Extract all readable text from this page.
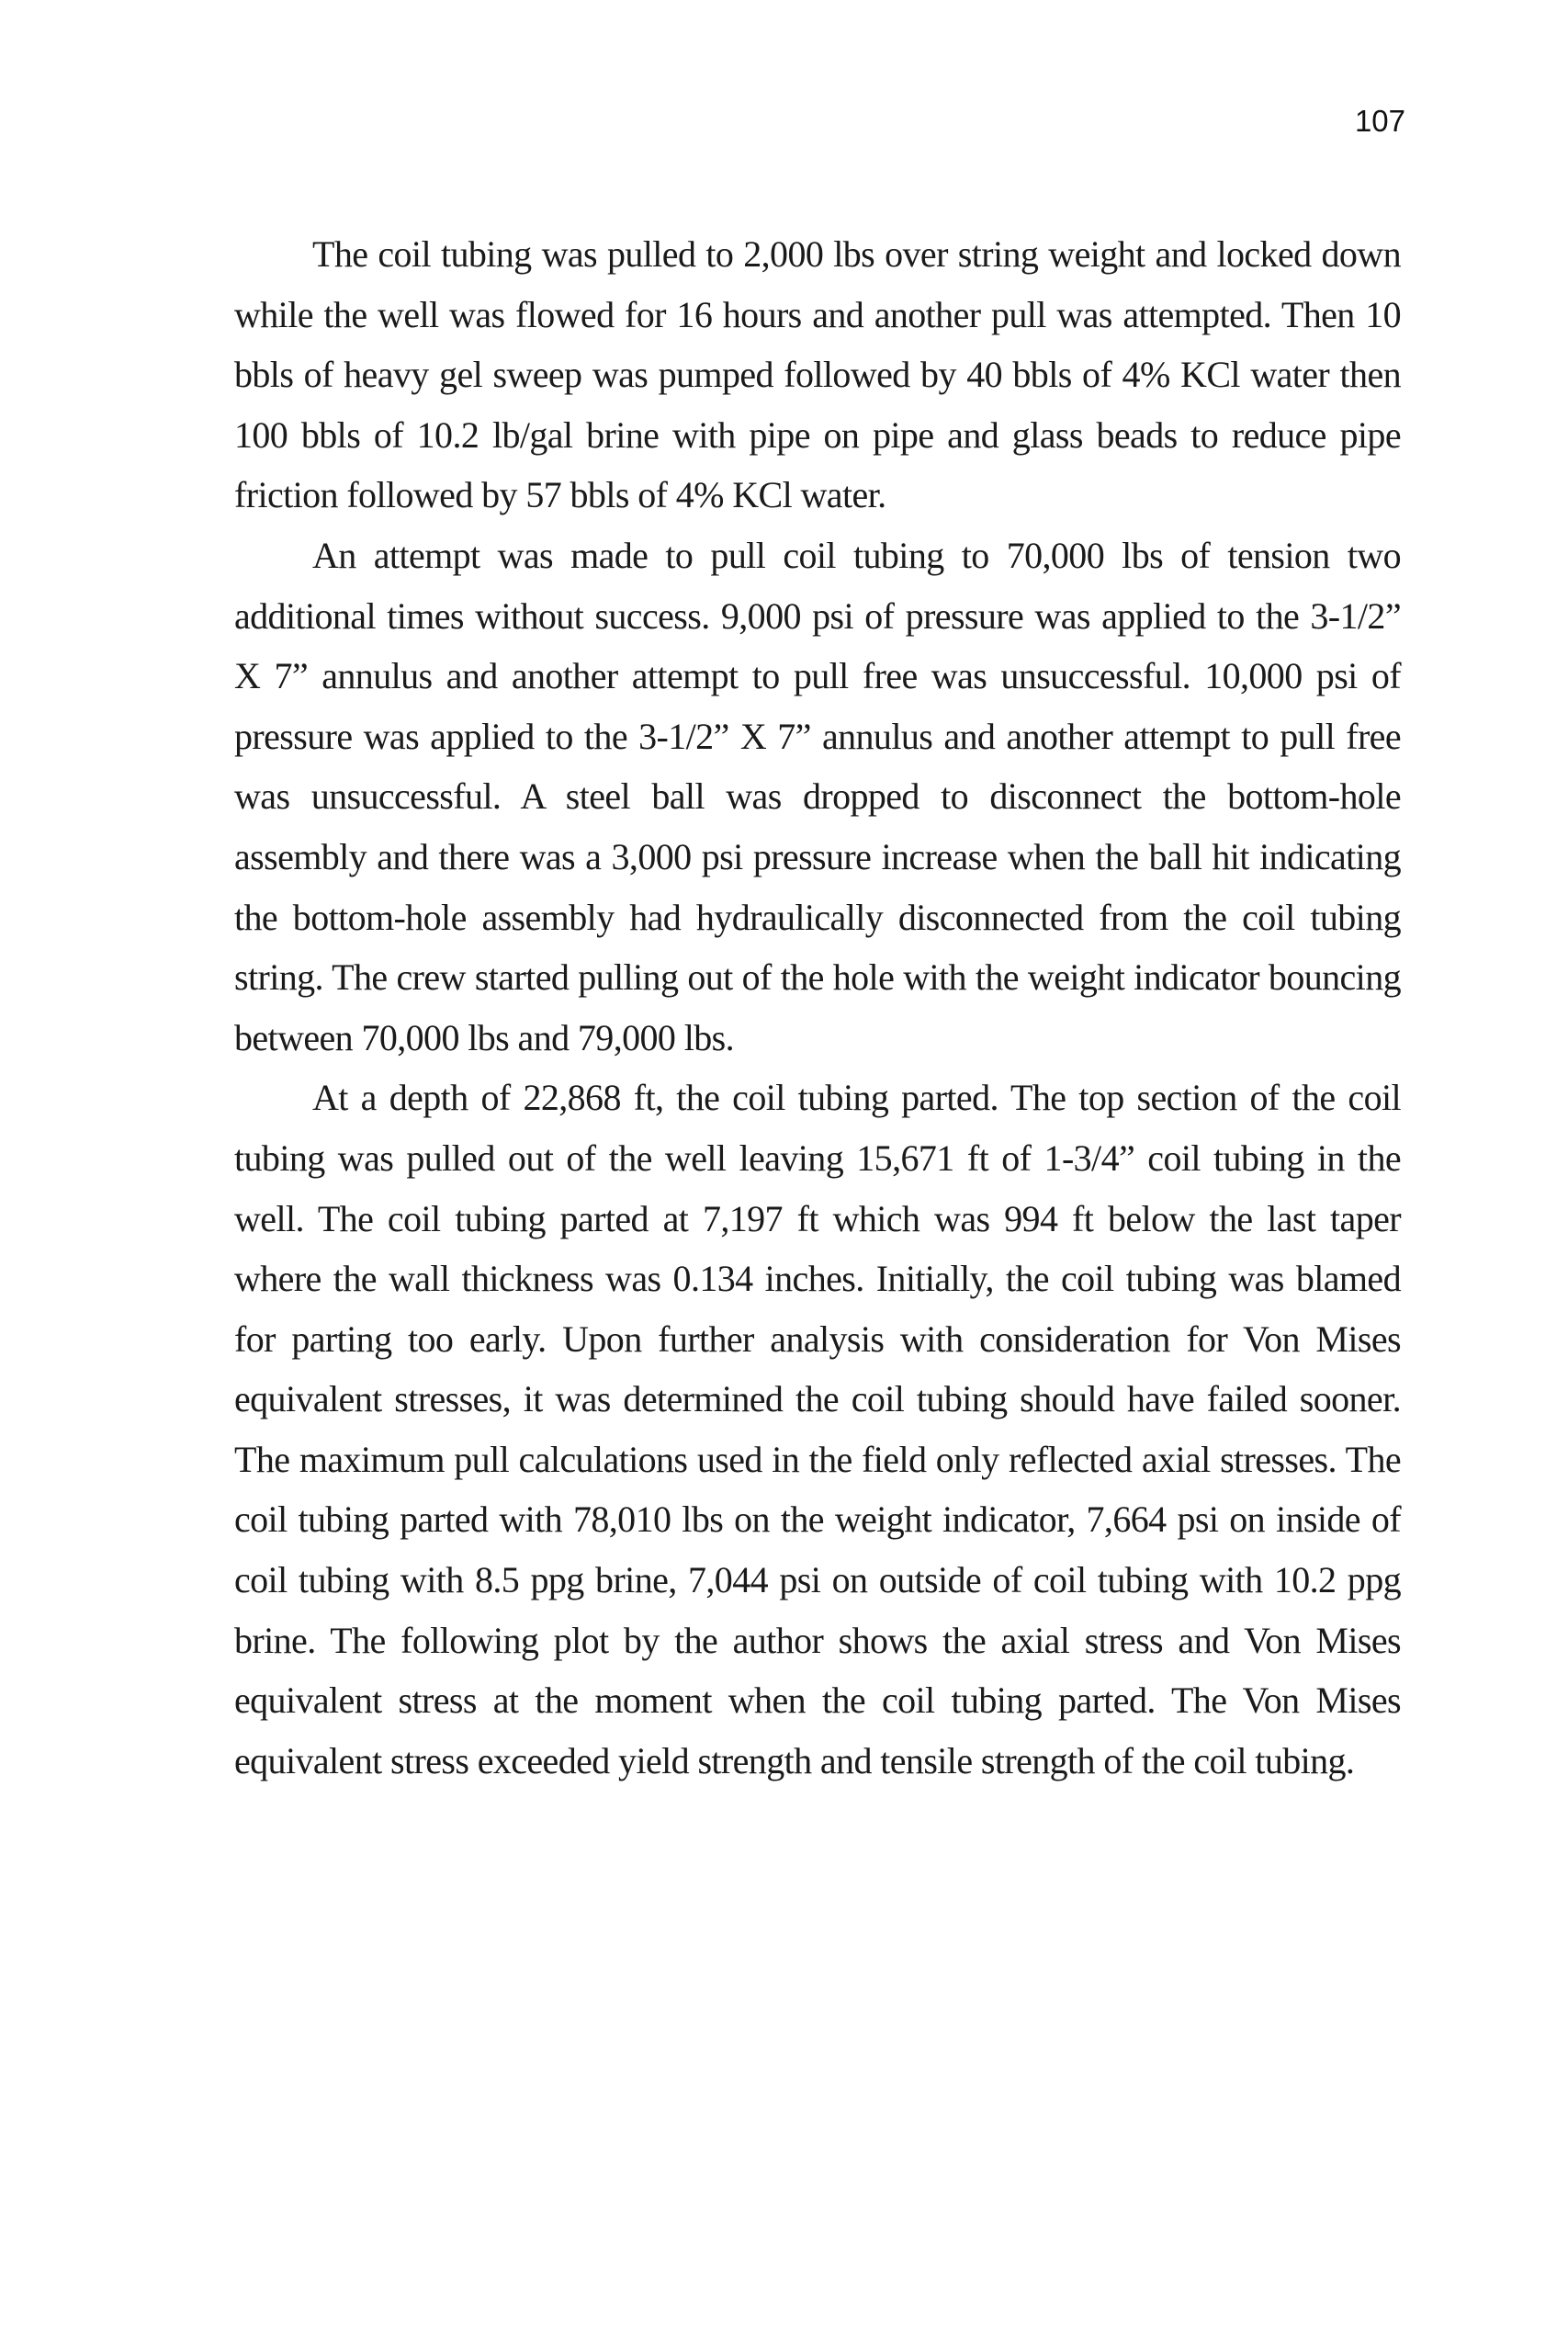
107

The coil tubing was pulled to 2,000 lbs over string weight and locked down while the well was flowed for 16 hours and another pull was attempted. Then 10 bbls of heavy gel sweep was pumped followed by 40 bbls of 4% KCl water then 100 bbls of 10.2 lb/gal brine with pipe on pipe and glass beads to reduce pipe friction followed by 57 bbls of 4% KCl water.

An attempt was made to pull coil tubing to 70,000 lbs of tension two additional times without success. 9,000 psi of pressure was applied to the 3-1/2” X 7” annulus and another attempt to pull free was unsuccessful. 10,000 psi of pressure was applied to the 3-1/2” X 7” annulus and another attempt to pull free was unsuccessful. A steel ball was dropped to disconnect the bottom-hole assembly and there was a 3,000 psi pressure increase when the ball hit indicating the bottom-hole assembly had hydraulically disconnected from the coil tubing string. The crew started pulling out of the hole with the weight indicator bouncing between 70,000 lbs and 79,000 lbs.

At a depth of 22,868 ft, the coil tubing parted. The top section of the coil tubing was pulled out of the well leaving 15,671 ft of 1-3/4” coil tubing in the well. The coil tubing parted at 7,197 ft which was 994 ft below the last taper where the wall thickness was 0.134 inches. Initially, the coil tubing was blamed for parting too early. Upon further analysis with consideration for Von Mises equivalent stresses, it was determined the coil tubing should have failed sooner. The maximum pull calculations used in the field only reflected axial stresses. The coil tubing parted with 78,010 lbs on the weight indicator, 7,664 psi on inside of coil tubing with 8.5 ppg brine, 7,044 psi on outside of coil tubing with 10.2 ppg brine. The following plot by the author shows the axial stress and Von Mises equivalent stress at the moment when the coil tubing parted. The Von Mises equivalent stress exceeded yield strength and tensile strength of the coil tubing.
